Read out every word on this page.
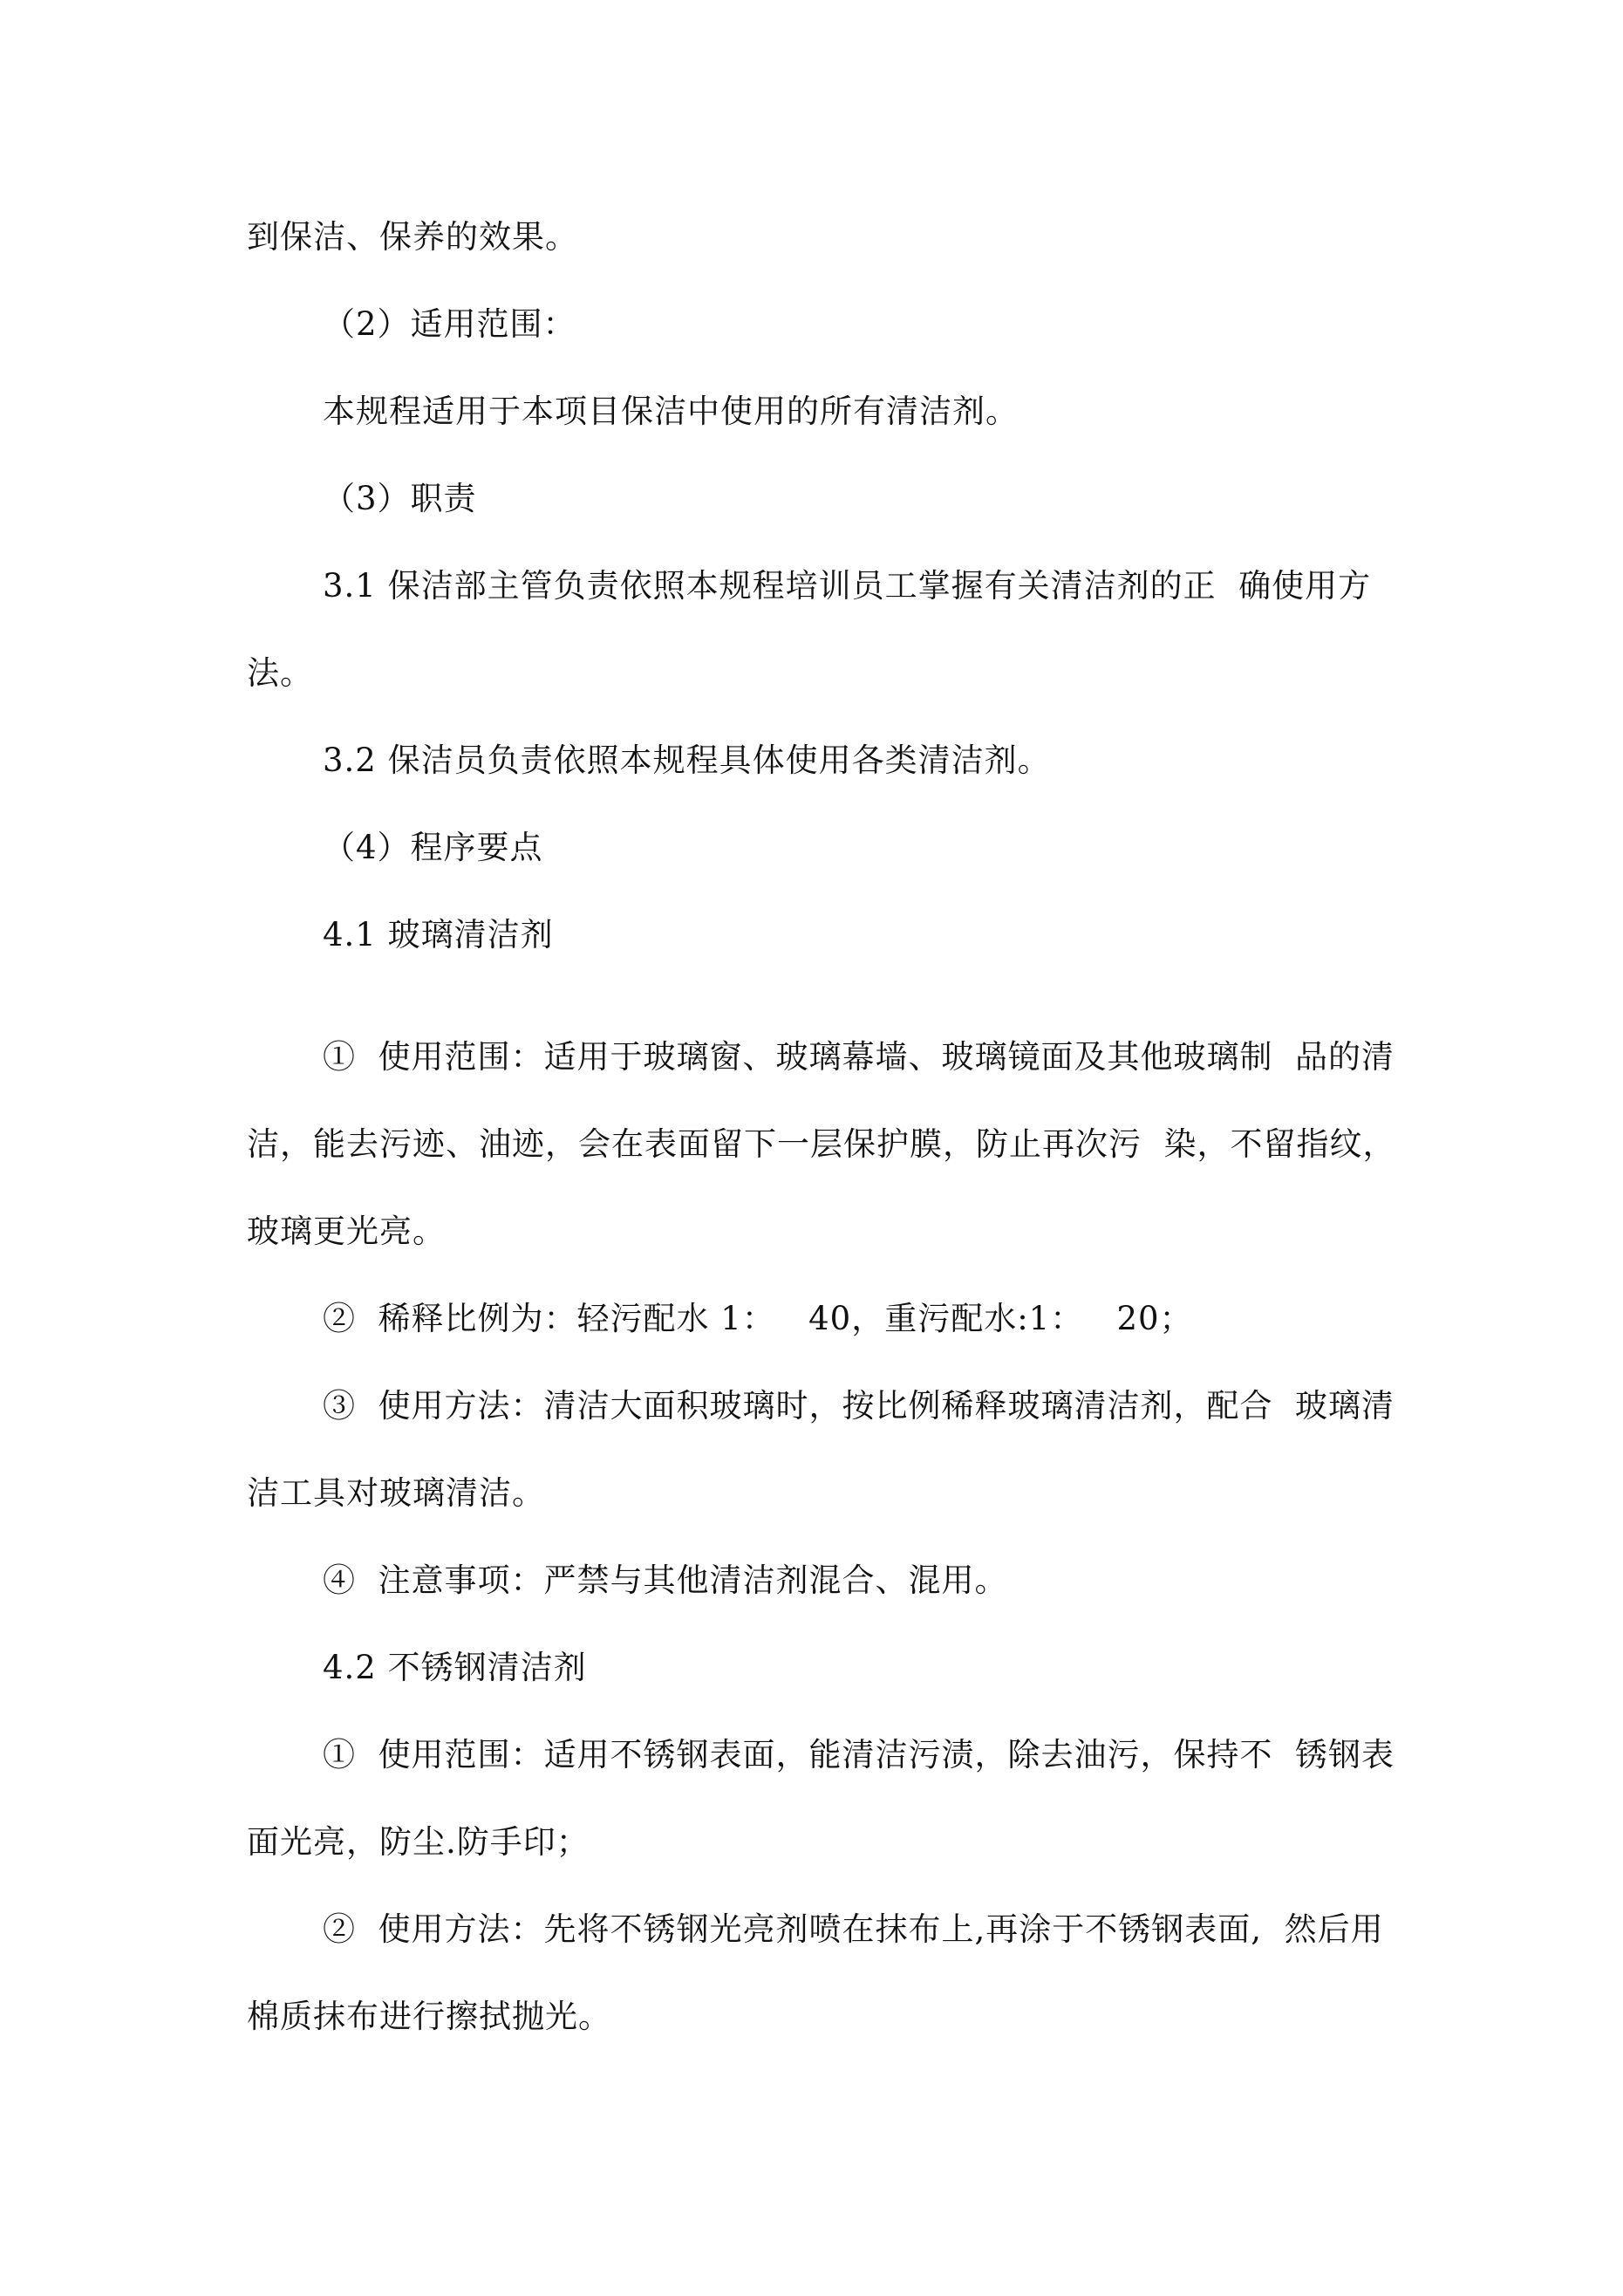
到保洁、保养的效果。
（2）适用范围：
本规程适用于本项目保洁中使用的所有清洁剂。
（3）职责
3.1 保洁部主管负责依照本规程培训员工掌握有关清洁剂的正  确使用方
法。
3.2 保洁员负责依照本规程具体使用各类清洁剂。
（4）程序要点
4.1 玻璃清洁剂
①  使用范围：适用于玻璃窗、玻璃幕墙、玻璃镜面及其他玻璃制  品的清
洁，能去污迹、油迹，会在表面留下一层保护膜，防止再次污  染，不留指纹，
玻璃更光亮。
②  稀释比例为：轻污配水 1：   40，重污配水:1：   20；
③  使用方法：清洁大面积玻璃时，按比例稀释玻璃清洁剂，配合  玻璃清
洁工具对玻璃清洁。
④  注意事项：严禁与其他清洁剂混合、混用。
4.2 不锈钢清洁剂
①  使用范围：适用不锈钢表面，能清洁污渍，除去油污，保持不  锈钢表
面光亮，防尘.防手印；
②  使用方法：先将不锈钢光亮剂喷在抹布上,再涂于不锈钢表面,  然后用
棉质抹布进行擦拭抛光。
